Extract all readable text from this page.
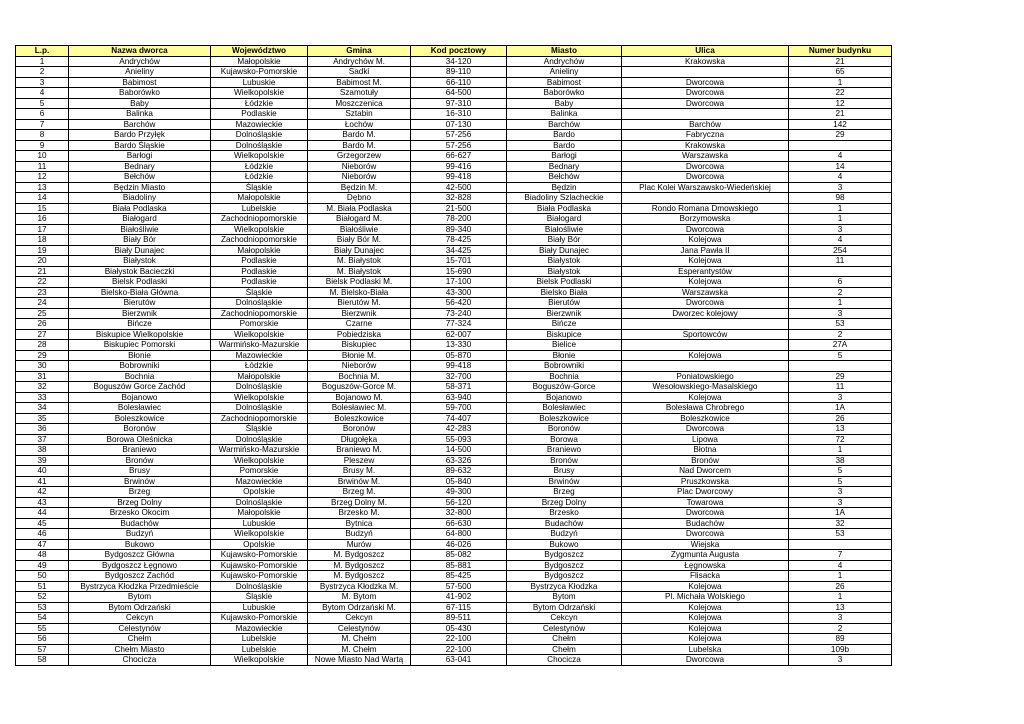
L.p.	Nazwa dworca	Województwo	Gmina	Kod pocztowy	Miasto	Ulica	Numer budynku
1	Andrychów	Małopolskie	Andrychów M.	34-120	Andrychów	Krakowska	21
2	Anieliny	Kujawsko-Pomorskie	Sadki	89-110	Anieliny		65
3	Babimost	Lubuskie	Babimost M.	66-110	Babimost	Dworcowa	1
4	Baborówko	Wielkopolskie	Szamotuły	64-500	Baborówko	Dworcowa	22
5	Baby	Łódzkie	Moszczenica	97-310	Baby	Dworcowa	12
6	Balinka	Podlaskie	Sztabin	16-310	Balinka		21
7	Barchów	Mazowieckie	Łochów	07-130	Barchów	Barchów	142
8	Bardo Przyłęk	Dolnośląskie	Bardo M.	57-256	Bardo	Fabryczna	29
9	Bardo Śląskie	Dolnośląskie	Bardo M.	57-256	Bardo	Krakowska	
10	Barłogi	Wielkopolskie	Grzegorzew	66-627	Barłogi	Warszawska	4
11	Bednary	Łódzkie	Nieborów	99-416	Bednary	Dworcowa	14
12	Bełchów	Łódzkie	Nieborów	99-418	Bełchów	Dworcowa	4
13	Będzin Miasto	Śląskie	Będzin M.	42-500	Będzin	Plac Kolei Warszawsko-Wiedeńskiej	3
14	Biadoliny	Małopolskie	Dębno	32-828	Biadoliny Szlacheckie		98
15	Biała Podlaska	Lubelskie	M. Biała Podlaska	21-500	Biała Podlaska	Rondo Romana Dmowskiego	1
16	Białogard	Zachodniopomorskie	Białogard M.	78-200	Białogard	Borzymowska	1
17	Białośliwie	Wielkopolskie	Białośliwie	89-340	Białośliwie	Dworcowa	3
18	Biały Bór	Zachodniopomorskie	Biały Bór M.	78-425	Biały Bór	Kolejowa	4
19	Biały Dunajec	Małopolskie	Biały Dunajec	34-425	Biały Dunajec	Jana Pawła II	254
20	Białystok	Podlaskie	M. Białystok	15-701	Białystok	Kolejowa	11
21	Białystok Bacieczki	Podlaskie	M. Białystok	15-690	Białystok	Esperantystów	
22	Bielsk Podlaski	Podlaskie	Bielsk Podlaski M.	17-100	Bielsk Podlaski	Kolejowa	6
23	Bielsko-Biała Główna	Śląskie	M. Bielsko-Biała	43-300	Bielsko Biała	Warszawska	2
24	Bierutów	Dolnośląskie	Bierutów M.	56-420	Bierutów	Dworcowa	1
25	Bierzwnik	Zachodniopomorskie	Bierzwnik	73-240	Bierzwnik	Dworzec kolejowy	3
26	Bińcze	Pomorskie	Czarne	77-324	Bińcze		53
27	Biskupice Wielkopolskie	Wielkopolskie	Pobiedziska	62-007	Biskupice	Sportowców	2
28	Biskupiec Pomorski	Warmińsko-Mazurskie	Biskupiec	13-330	Bielice		27A
29	Błonie	Mazowieckie	Błonie M.	05-870	Błonie	Kolejowa	5
30	Bobrowniki	Łódzkie	Nieborów	99-418	Bobrowniki		
31	Bochnia	Małopolskie	Bochnia M.	32-700	Bochnia	Poniatowskiego	29
32	Boguszów Gorce Zachód	Dolnośląskie	Boguszów-Gorce M.	58-371	Boguszów-Gorce	Wesołowskiego-Masalskiego	11
33	Bojanowo	Wielkopolskie	Bojanowo M.	63-940	Bojanowo	Kolejowa	3
34	Bolesławiec	Dolnośląskie	Bolesławiec M.	59-700	Bolesławiec	Bolesława Chrobrego	1A
35	Boleszkowice	Zachodniopomorskie	Boleszkowice	74-407	Boleszkowice	Boleszkowice	26
36	Boronów	Śląskie	Boronów	42-283	Boronów	Dworcowa	13
37	Borowa Oleśnicka	Dolnośląskie	Długołęka	55-093	Borowa	Lipowa	72
38	Braniewo	Warmińsko-Mazurskie	Braniewo M.	14-500	Braniewo	Błotna	1
39	Bronów	Wielkopolskie	Pleszew	63-326	Bronów	Bronów	38
40	Brusy	Pomorskie	Brusy M.	89-632	Brusy	Nad Dworcem	5
41	Brwinów	Mazowieckie	Brwinów M.	05-840	Brwinów	Pruszkowska	5
42	Brzeg	Opolskie	Brzeg M.	49-300	Brzeg	Plac Dworcowy	3
43	Brzeg Dolny	Dolnośląskie	Brzeg Dolny M.	56-120	Brzeg Dolny	Towarowa	3
44	Brzesko Okocim	Małopolskie	Brzesko M.	32-800	Brzesko	Dworcowa	1A
45	Budachów	Lubuskie	Bytnica	66-630	Budachów	Budachów	32
46	Budzyń	Wielkopolskie	Budzyń	64-800	Budzyń	Dworcowa	53
47	Bukowo	Opolskie	Murów	46-026	Bukowo	Wiejska	
48	Bydgoszcz Główna	Kujawsko-Pomorskie	M. Bydgoszcz	85-082	Bydgoszcz	Zygmunta Augusta	7
49	Bydgoszcz Łęgnowo	Kujawsko-Pomorskie	M. Bydgoszcz	85-881	Bydgoszcz	Łęgnowska	4
50	Bydgoszcz Zachód	Kujawsko-Pomorskie	M. Bydgoszcz	85-425	Bydgoszcz	Flisacka	1
51	Bystrzyca Kłodzka Przedmieście	Dolnośląskie	Bystrzyca Kłodzka M.	57-500	Bystrzyca Kłodzka	Kolejowa	26
52	Bytom	Śląskie	M. Bytom	41-902	Bytom	Pl. Michała Wolskiego	1
53	Bytom Odrzański	Lubuskie	Bytom Odrzański M.	67-115	Bytom Odrzański	Kolejowa	13
54	Cekcyn	Kujawsko-Pomorskie	Cekcyn	89-511	Cekcyn	Kolejowa	3
55	Celestynów	Mazowieckie	Celestynów	05-430	Celestynów	Kolejowa	2
56	Chełm	Lubelskie	M. Chełm	22-100	Chełm	Kolejowa	89
57	Chełm Miasto	Lubelskie	M. Chełm	22-100	Chełm	Lubelska	109b
58	Chocicza	Wielkopolskie	Nowe Miasto Nad Wartą	63-041	Chocicza	Dworcowa	3
